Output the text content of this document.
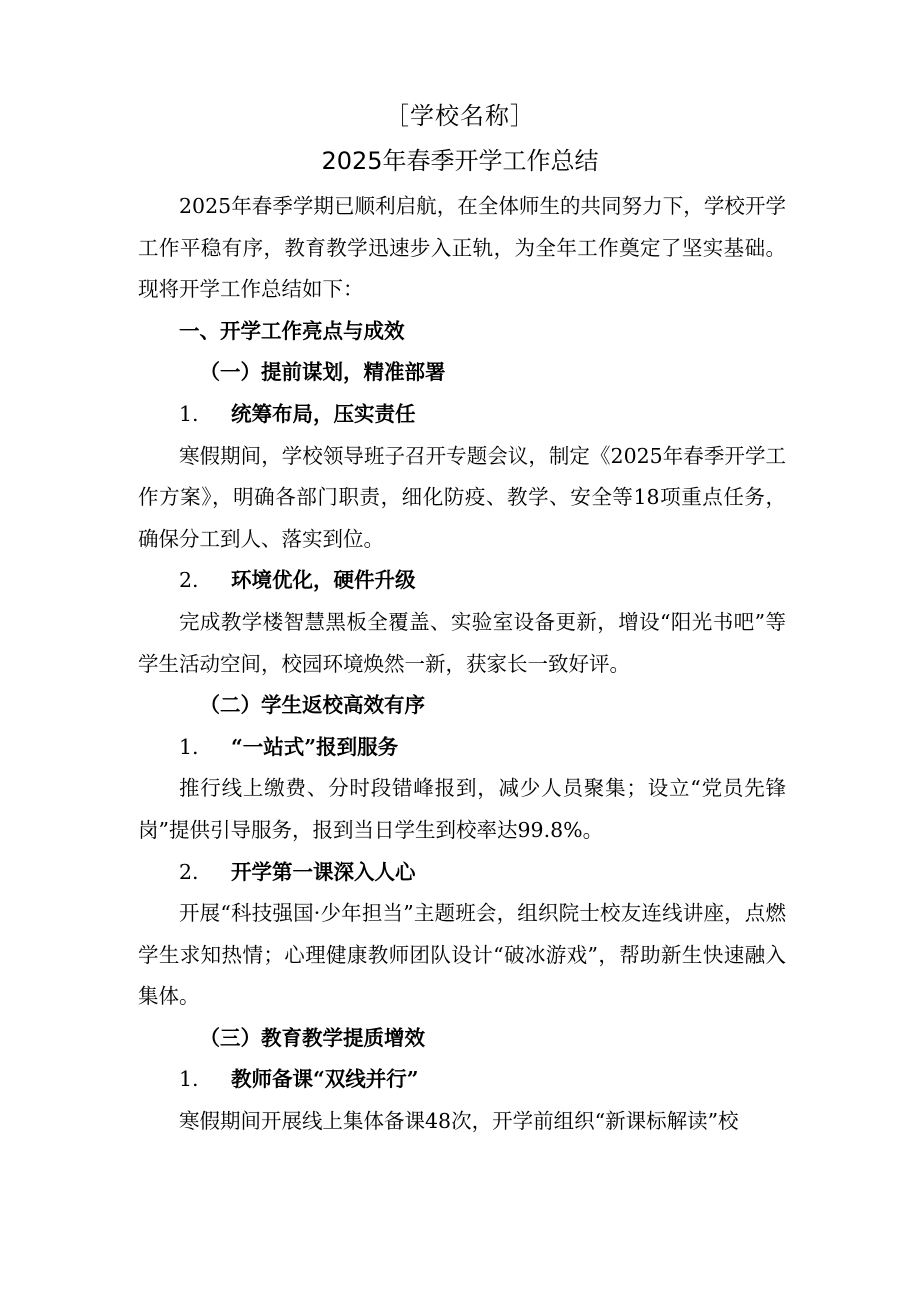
［学校名称］
2025年春季开学工作总结

2025年春季学期已顺利启航，在全体师生的共同努力下，学校开学工作平稳有序，教育教学迅速步入正轨，为全年工作奠定了坚实基础。现将开学工作总结如下：

一、开学工作亮点与成效

（一）提前谋划，精准部署

1. 统筹布局，压实责任

寒假期间，学校领导班子召开专题会议，制定《2025年春季开学工作方案》，明确各部门职责，细化防疫、教学、安全等18项重点任务，确保分工到人、落实到位。

2. 环境优化，硬件升级

完成教学楼智慧黑板全覆盖、实验室设备更新，增设“阳光书吧”等学生活动空间，校园环境焕然一新，获家长一致好评。

（二）学生返校高效有序

1. “一站式”报到服务

推行线上缴费、分时段错峰报到，减少人员聚集；设立“党员先锋岗”提供引导服务，报到当日学生到校率达99.8%。

2. 开学第一课深入人心

开展“科技强国·少年担当”主题班会，组织院士校友连线讲座，点燃学生求知热情；心理健康教师团队设计“破冰游戏”，帮助新生快速融入集体。

（三）教育教学提质增效

1. 教师备课“双线并行”

寒假期间开展线上集体备课48次，开学前组织“新课标解读”校
